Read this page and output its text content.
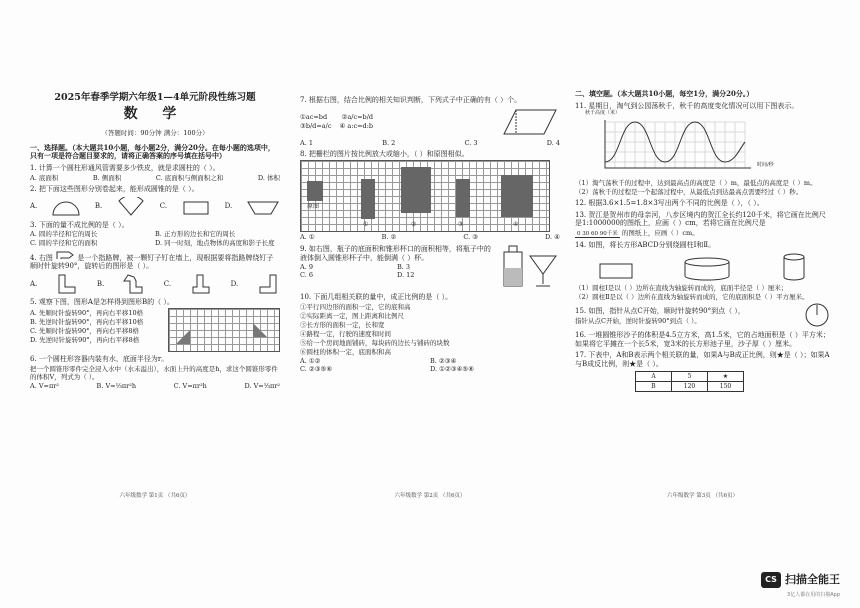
2025年春季学期六年级1—4单元阶段性练习题
数 学
（答题时间：90分钟 满分：100分）
一、选择题。（本大题共10小题，每小题2分，满分20分。在每小题的选项中，只有一项是符合题目要求的，请将正确答案的序号填在括号中）
1. 计算一个圆柱形通风管需要多少铁皮，就是求圆柱的（ ）。
A. 底面积	B. 侧面积	C. 底面积与侧面积之和	D. 体积
2. 把下面这些图形分别卷起来，能形成圆锥的是（ ）。
A.	B.	C.	D.
3. 下面的量不成比例的是（ ）。
A. 圆的半径和它的周长	B. 正方形的边长和它的周长
C. 圆的半径和它的面积	D. 同一时刻，地点物体的高度和影子长度
4. 右图	是一个指路牌，被一颗钉子钉在墙上，现根据要将指路牌绕钉子顺时针旋转90°，旋转后的图形是（ ）。
A.	B.	C.	D.
5. 观察下图，图形A是怎样得到图形B的（ ）。
A. 先顺时针旋转90°，再向右平移10格
B. 先逆时针旋转90°，再向右平移10格
C. 先顺时针旋转90°，再向右平移8格
D. 先逆时针旋转90°，再向右平移8格
6. 一个圆柱形容器内装有水，底面半径为r。
把一个圆锥形零件完全浸入水中（水未溢出），水面上升的高度是h，求这个圆锥形零件的体积V，列式为（ ）。
A. V=πr²	B. V=⅓πr²h	C. V=πr²h	D. V=⅓πr²
六年级数学 第1页 （共6页）
7. 根据右图，结合比例的相关知识判断，下列式子中正确的有（ ）个。
①ac=bd ②a/c=b/d
③b/d=a/c ④ a:c=d:b
A. 1	B. 2	C. 3	D. 4
8. 把栅栏的图片按比例放大或缩小，（ ）和原图相似。
原图
①	②	③	④
A. ①	B. ②	C. ③	D. ④
9. 如右图，瓶子的底面积和锥形杯口的面积相等，将瓶子中的液体倒入圆锥形杯子中，能倒满（ ）杯。
A. 9	B. 3
C. 6	D. 12
10. 下面几组相关联的量中，成正比例的是（ ）。
①平行四边形的面积一定，它的底和高
②实际距离一定，图上距离和比例尺
③长方形的面积一定，长和宽
④路程一定，行驶的速度和时间
⑤给一个房间地面铺砖，每块砖的边长与铺砖的块数
⑥圆柱的体积一定，底面积和高
A. ①②	B. ②③④
C. ②③⑤⑥	D. ①②③④⑤⑥
六年级数学 第2页 （共6页）
二、填空题。（本大题共10小题，每空1分，满分20分。）
11. 星期日，淘气到公园荡秋千，秋千的高度变化情况可以用下图表示。
秋千高度（米）
时间/秒
（1）淘气荡秋千的过程中，达到最高点的高度是（ ）m，最低点的高度是（ ）m。
（2）荡秋千的过程是一个起落过程中，从最低点到达最高点需要经过（ ）秒。
12. 根据3.6×1.5=1.8×3写出两个不同的比例是（ ），（ ）。
13. 贺江是贺州市的母亲河，八步区境内的贺江全长约120千米，将它画在比例尺是1:1000000的图纸上，应画（ ）cm，若将它画在比例尺是
0 30 60 90千米 的图纸上，应画（ ）cm。
14. 如图，将长方形ABCD分别绕圆柱Ⅰ和Ⅱ。
（1）圆柱Ⅰ是以（ ）边所在直线为轴旋转而成的，底面半径是（ ）厘米；
（2）圆柱Ⅱ是以（ ）边所在直线为轴旋转而成的，它的底面积是（ ）平方厘米。
15. 如图，指针从点C开始，顺时针旋转90°到点（ ），
指针从点C开始，逆时针旋转90°到点（ ）。
16. 一堆圆锥形沙子的体积是4.5立方米，高1.5米，它的占地面积是（ ）平方米；如果将它平摊在一个长5米，宽3米的长方形池子里，沙子厚（ ）厘米。
17. 下表中，A和B表示两个相关联的量，如果A与B成正比例，则★是（ ）；如果A与B成反比例，则★是（ ）。
A	5	★
B	120	150
六年级数学 第3页 （共6页）
CS 扫描全能王
3亿人都在用的扫描App
